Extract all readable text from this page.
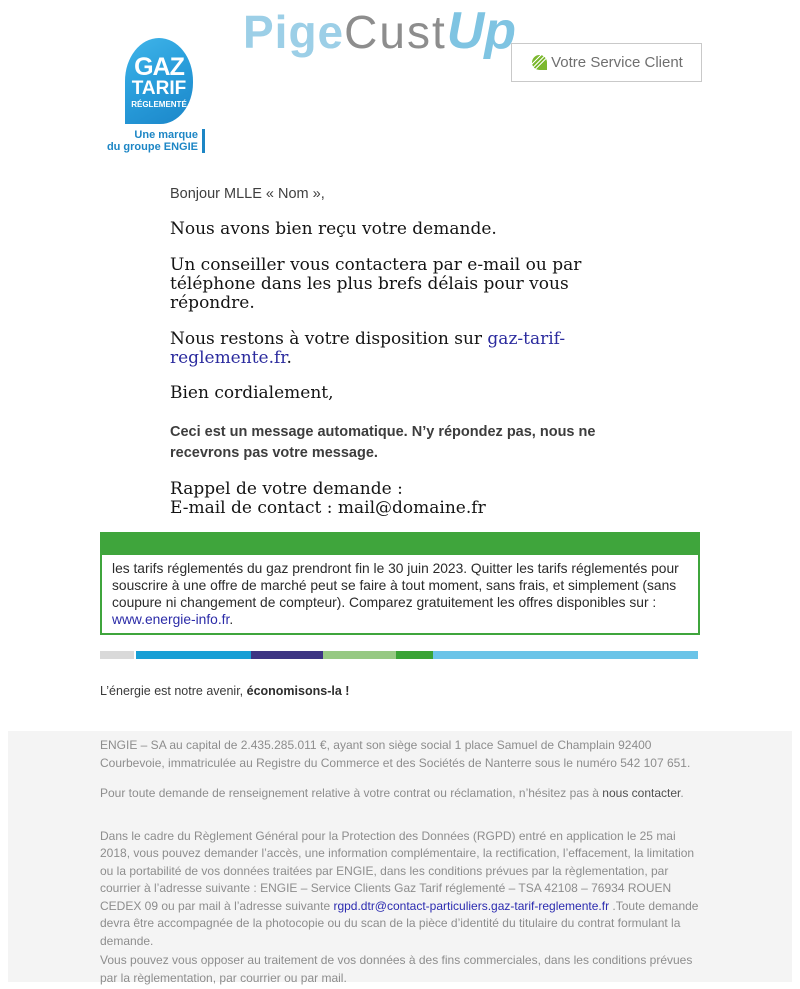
PigeCustUp
Votre Service Client
GAZ
TARIF
RÉGLEMENTÉ
Une marque
du groupe ENGIE

Bonjour MLLE « Nom »,

Nous avons bien reçu votre demande.

Un conseiller vous contactera par e-mail ou par téléphone dans les plus brefs délais pour vous répondre.

Nous restons à votre disposition sur gaz-tarif-reglemente.fr.

Bien cordialement,

Ceci est un message automatique. N’y répondez pas, nous ne recevrons pas votre message.

Rappel de votre demande :

E-mail de contact : mail@domaine.fr

les tarifs réglementés du gaz prendront fin le 30 juin 2023. Quitter les tarifs réglementés pour souscrire à une offre de marché peut se faire à tout moment, sans frais, et simplement (sans coupure ni changement de compteur). Comparez gratuitement les offres disponibles sur :
www.energie-info.fr.
L’énergie est notre avenir, économisons-la !

ENGIE – SA au capital de 2.435.285.011 €, ayant son siège social 1 place Samuel de Champlain 92400 Courbevoie, immatriculée au Registre du Commerce et des Sociétés de Nanterre sous le numéro 542 107 651.

Pour toute demande de renseignement relative à votre contrat ou réclamation, n’hésitez pas à nous contacter.

Dans le cadre du Règlement Général pour la Protection des Données (RGPD) entré en application le 25 mai 2018, vous pouvez demander l’accès, une information complémentaire, la rectification, l’effacement, la limitation ou la portabilité de vos données traitées par ENGIE, dans les conditions prévues par la règlementation, par courrier à l’adresse suivante : ENGIE – Service Clients Gaz Tarif réglementé – TSA 42108 – 76934 ROUEN CEDEX 09 ou par mail à l’adresse suivante rgpd.dtr@contact-particuliers.gaz-tarif-reglemente.fr .Toute demande devra être accompagnée de la photocopie ou du scan de la pièce d’identité du titulaire du contrat formulant la demande.

Vous pouvez vous opposer au traitement de vos données à des fins commerciales, dans les conditions prévues par la règlementation, par courrier ou par mail.
